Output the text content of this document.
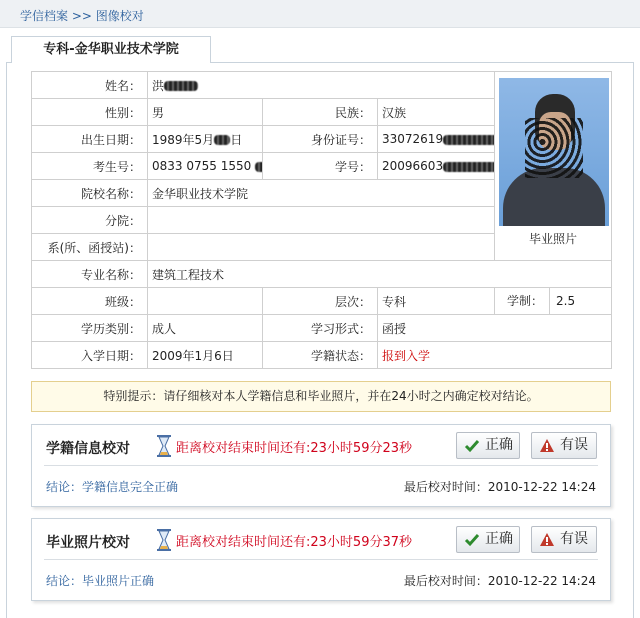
学信档案 >> 图像校对
专科-金华职业技术学院
姓名：	洪			毕业照片

性别：	男	民族：	汉族	
出生日期：	1989年5月 日	身份证号：	33072619	
考生号：	0833 0755 1550	学号：	20096603	
院校名称：	金华职业技术学院			
分院：				
系(所、函授站)：				
专业名称：	建筑工程技术			
班级：		层次：	专科	学制： 2.5
学历类别：	成人	学习形式：	函授	
入学日期：	2009年1月6日	学籍状态：	报到入学	
特别提示：请仔细核对本人学籍信息和毕业照片，并在24小时之内确定校对结论。
学籍信息校对	距离校对结束时间还有:23小时59分23秒	正确	有误
结论：学籍信息完全正确	最后校对时间：2010-12-22 14:24
毕业照片校对	距离校对结束时间还有:23小时59分37秒	正确	有误
结论：毕业照片正确	最后校对时间：2010-12-22 14:24
